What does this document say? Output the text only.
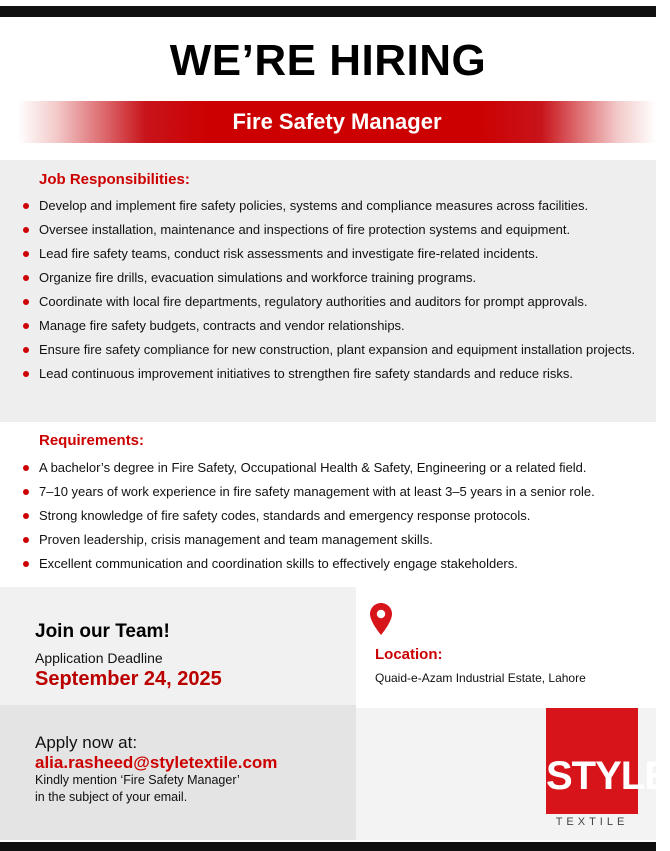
WE’RE HIRING
Fire Safety Manager
Job Responsibilities:
Develop and implement fire safety policies, systems and compliance measures across facilities.
Oversee installation, maintenance and inspections of fire protection systems and equipment.
Lead fire safety teams, conduct risk assessments and investigate fire-related incidents.
Organize fire drills, evacuation simulations and workforce training programs.
Coordinate with local fire departments, regulatory authorities and auditors for prompt approvals.
Manage fire safety budgets, contracts and vendor relationships.
Ensure fire safety compliance for new construction, plant expansion and equipment installation projects.
Lead continuous improvement initiatives to strengthen fire safety standards and reduce risks.
Requirements:
A bachelor’s degree in Fire Safety, Occupational Health & Safety, Engineering or a related field.
7–10 years of work experience in fire safety management with at least 3–5 years in a senior role.
Strong knowledge of fire safety codes, standards and emergency response protocols.
Proven leadership, crisis management and team management skills.
Excellent communication and coordination skills to effectively engage stakeholders.
Join our Team!
Application Deadline
September 24, 2025
Apply now at:
alia.rasheed@styletextile.com
Kindly mention ‘Fire Safety Manager’
in the subject of your email.
Location:
Quaid-e-Azam Industrial Estate, Lahore
STYLE
TEXTILE
